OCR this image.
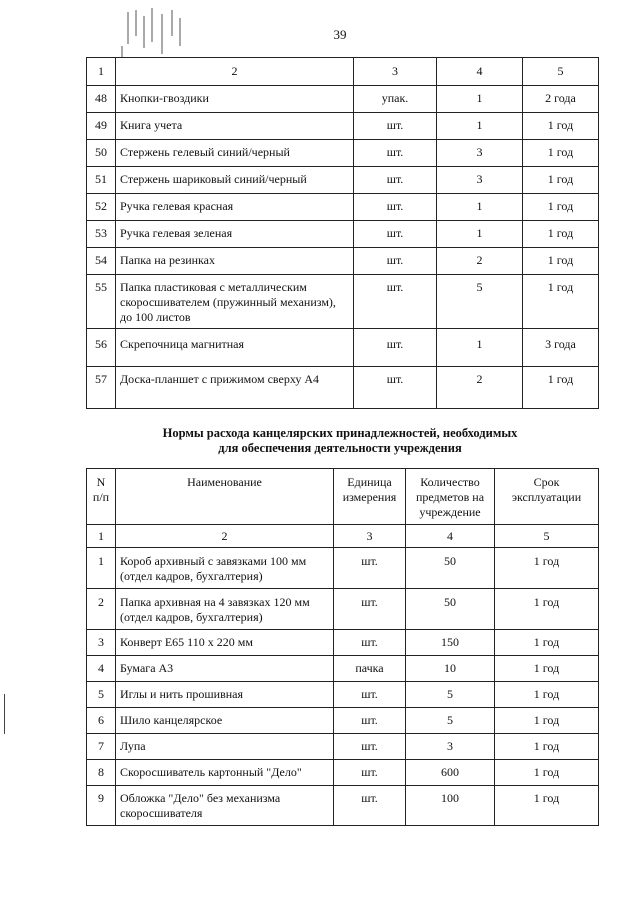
39
1	2	3	4	5
48	Кнопки-гвоздики	упак.	1	2 года
49	Книга учета	шт.	1	1 год
50	Стержень гелевый синий/черный	шт.	3	1 год
51	Стержень шариковый синий/черный	шт.	3	1 год
52	Ручка гелевая красная	шт.	1	1 год
53	Ручка гелевая зеленая	шт.	1	1 год
54	Папка на резинках	шт.	2	1 год
55	Папка пластиковая с металлическим скоросшивателем (пружинный механизм), до 100 листов	шт.	5	1 год
56	Скрепочница магнитная	шт.	1	3 года
57	Доска-планшет с прижимом сверху А4	шт.	2	1 год
Нормы расхода канцелярских принадлежностей, необходимых
для обеспечения деятельности учреждения
N п/п	Наименование	Единица измерения	Количество предметов на учреждение	Срок эксплуатации
1	2	3	4	5
1	Короб архивный с завязками 100 мм (отдел кадров, бухгалтерия)	шт.	50	1 год
2	Папка архивная на 4 завязках 120 мм (отдел кадров, бухгалтерия)	шт.	50	1 год
3	Конверт Е65 110 х 220 мм	шт.	150	1 год
4	Бумага А3	пачка	10	1 год
5	Иглы и нить прошивная	шт.	5	1 год
6	Шило канцелярское	шт.	5	1 год
7	Лупа	шт.	3	1 год
8	Скоросшиватель картонный "Дело"	шт.	600	1 год
9	Обложка "Дело" без механизма скоросшивателя	шт.	100	1 год
